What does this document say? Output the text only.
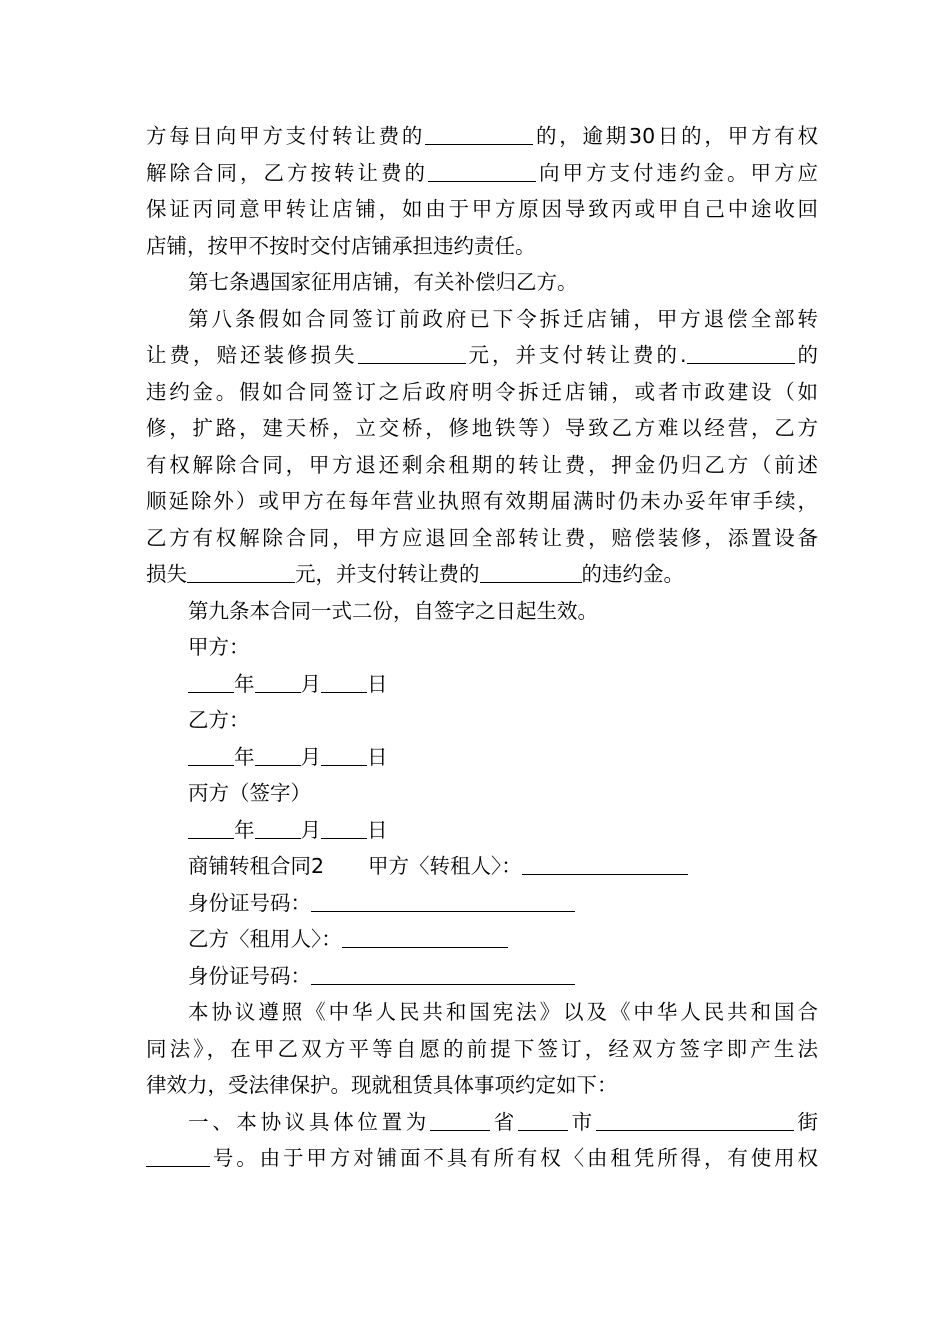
方每日向甲方支付转让费的	的，逾期30日的，甲方有权
解除合同，乙方按转让费的	向甲方支付违约金。甲方应
保证丙同意甲转让店铺，如由于甲方原因导致丙或甲自己中途收回
店铺，按甲不按时交付店铺承担违约责任。
第七条遇国家征用店铺，有关补偿归乙方。
第八条假如合同签订前政府已下令拆迁店铺，甲方退偿全部转
让费，赔还装修损失	元，并支付转让费的.	的
违约金。假如合同签订之后政府明令拆迁店铺，或者市政建设（如
修，扩路，建天桥，立交桥，修地铁等）导致乙方难以经营，乙方
有权解除合同，甲方退还剩余租期的转让费，押金仍归乙方（前述
顺延除外）或甲方在每年营业执照有效期届满时仍未办妥年审手续，
乙方有权解除合同，甲方应退回全部转让费，赔偿装修，添置设备
损失	元，并支付转让费的	的违约金。
第九条本合同一式二份，自签字之日起生效。
甲方：
年 月 日
乙方：
年 月 日
丙方（签字）
年 月 日
商铺转租合同2 甲方〈转租人〉：
身份证号码：
乙方〈租用人〉：
身份证号码：
本协议遵照《中华人民共和国宪法》以及《中华人民共和国合
同法》，在甲乙双方平等自愿的前提下签订，经双方签字即产生法
律效力，受法律保护。现就租赁具体事项约定如下：
一、本协议具体位置为	省 市	街
号。由于甲方对铺面不具有所有权〈由租凭所得，有使用权
